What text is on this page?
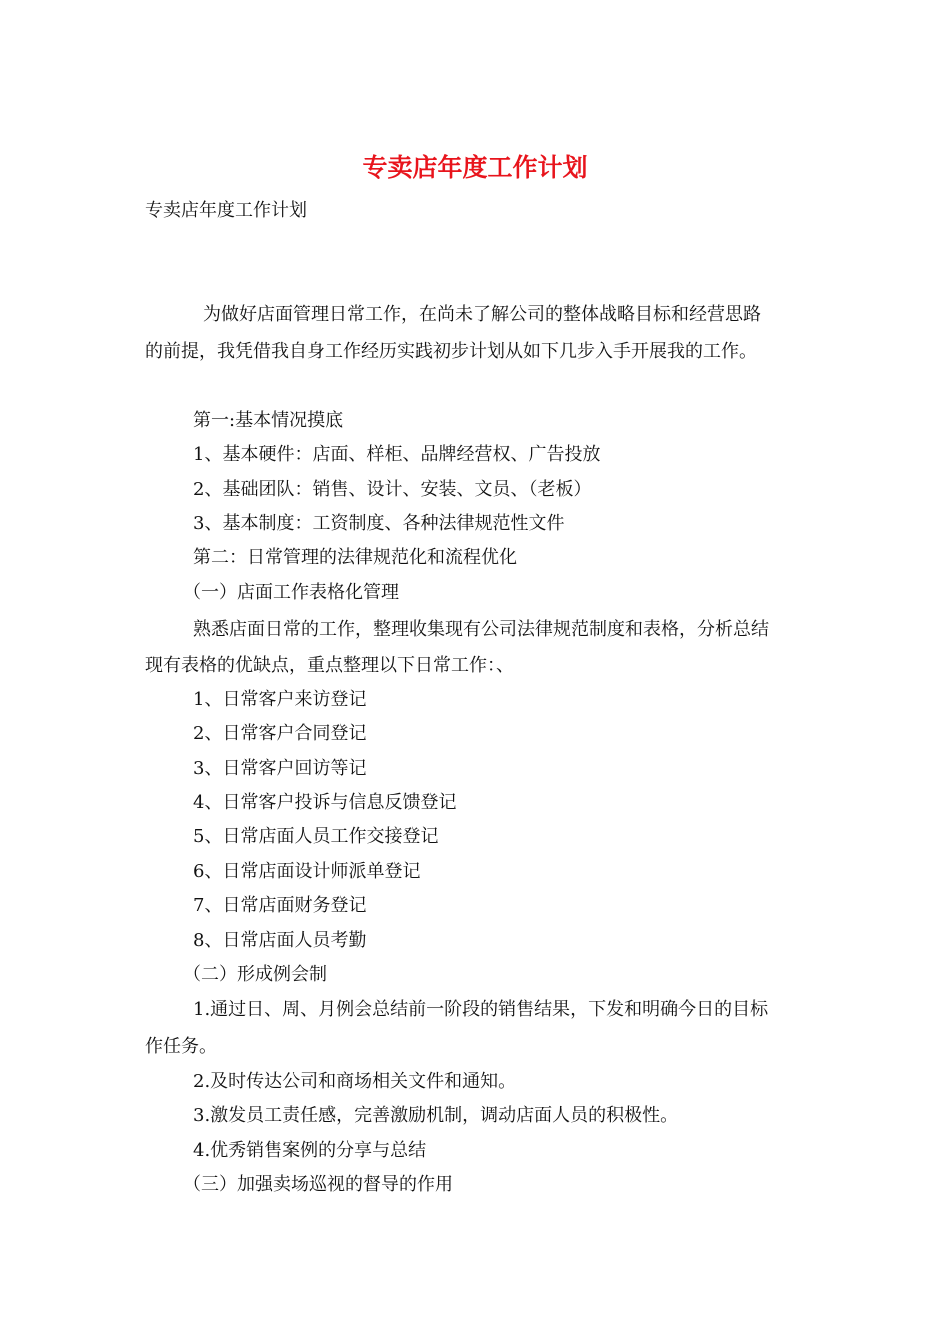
专卖店年度工作计划
专卖店年度工作计划
为做好店面管理日常工作，在尚未了解公司的整体战略目标和经营思路
的前提，我凭借我自身工作经历实践初步计划从如下几步入手开展我的工作。
第一:基本情况摸底
1、基本硬件：店面、样柜、品牌经营权、广告投放
2、基础团队：销售、设计、安装、文员、（老板）
3、基本制度：工资制度、各种法律规范性文件
第二：日常管理的法律规范化和流程优化
（一）店面工作表格化管理
熟悉店面日常的工作，整理收集现有公司法律规范制度和表格，分析总结
现有表格的优缺点，重点整理以下日常工作：、
1、日常客户来访登记
2、日常客户合同登记
3、日常客户回访等记
4、日常客户投诉与信息反馈登记
5、日常店面人员工作交接登记
6、日常店面设计师派单登记
7、日常店面财务登记
8、日常店面人员考勤
（二）形成例会制
1.通过日、周、月例会总结前一阶段的销售结果，下发和明确今日的目标
作任务。
2.及时传达公司和商场相关文件和通知。
3.激发员工责任感，完善激励机制，调动店面人员的积极性。
4.优秀销售案例的分享与总结
（三）加强卖场巡视的督导的作用
